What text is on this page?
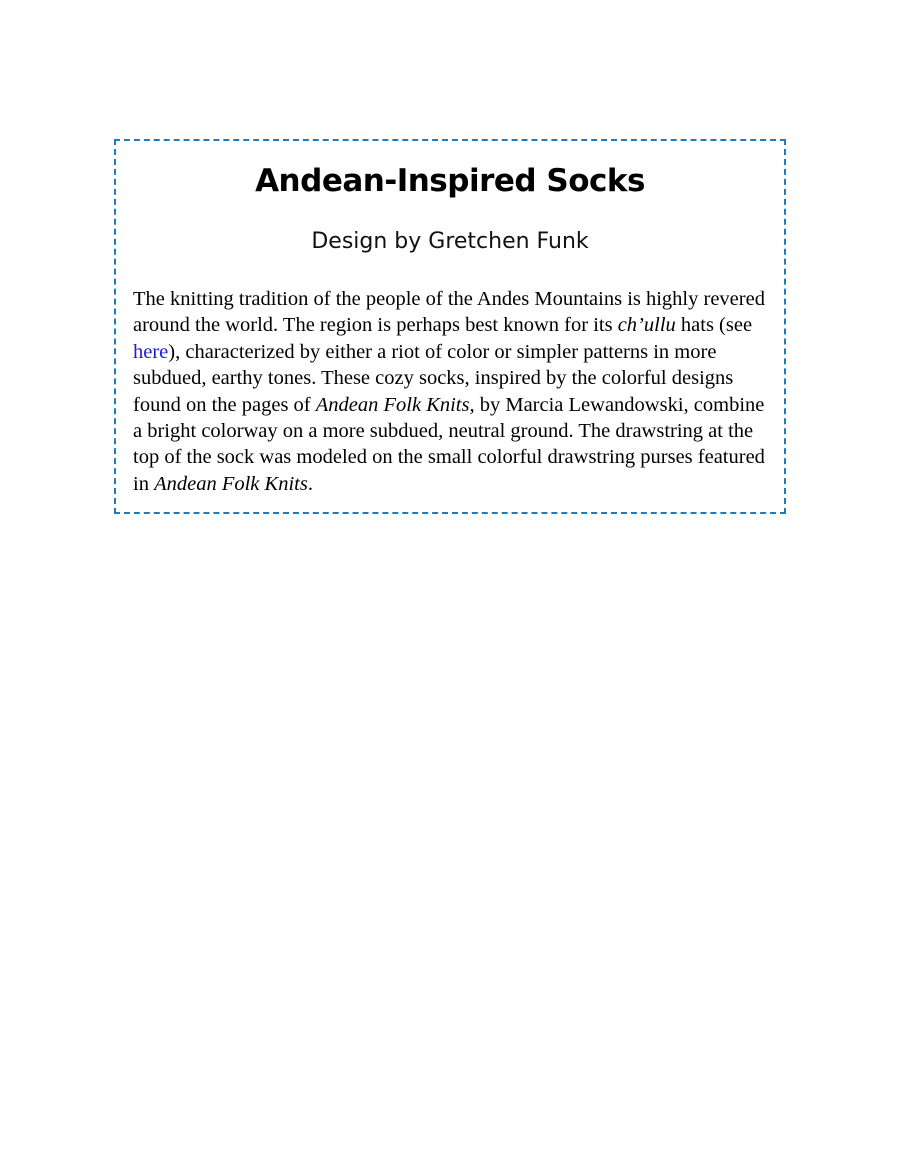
Andean-Inspired Socks

Design by Gretchen Funk

The knitting tradition of the people of the Andes Mountains is highly revered around the world. The region is perhaps best known for its ch’ullu hats (see here), characterized by either a riot of color or simpler patterns in more subdued, earthy tones. These cozy socks, inspired by the colorful designs found on the pages of Andean Folk Knits, by Marcia Lewandowski, combine a bright colorway on a more subdued, neutral ground. The drawstring at the top of the sock was modeled on the small colorful drawstring purses featured in Andean Folk Knits.
